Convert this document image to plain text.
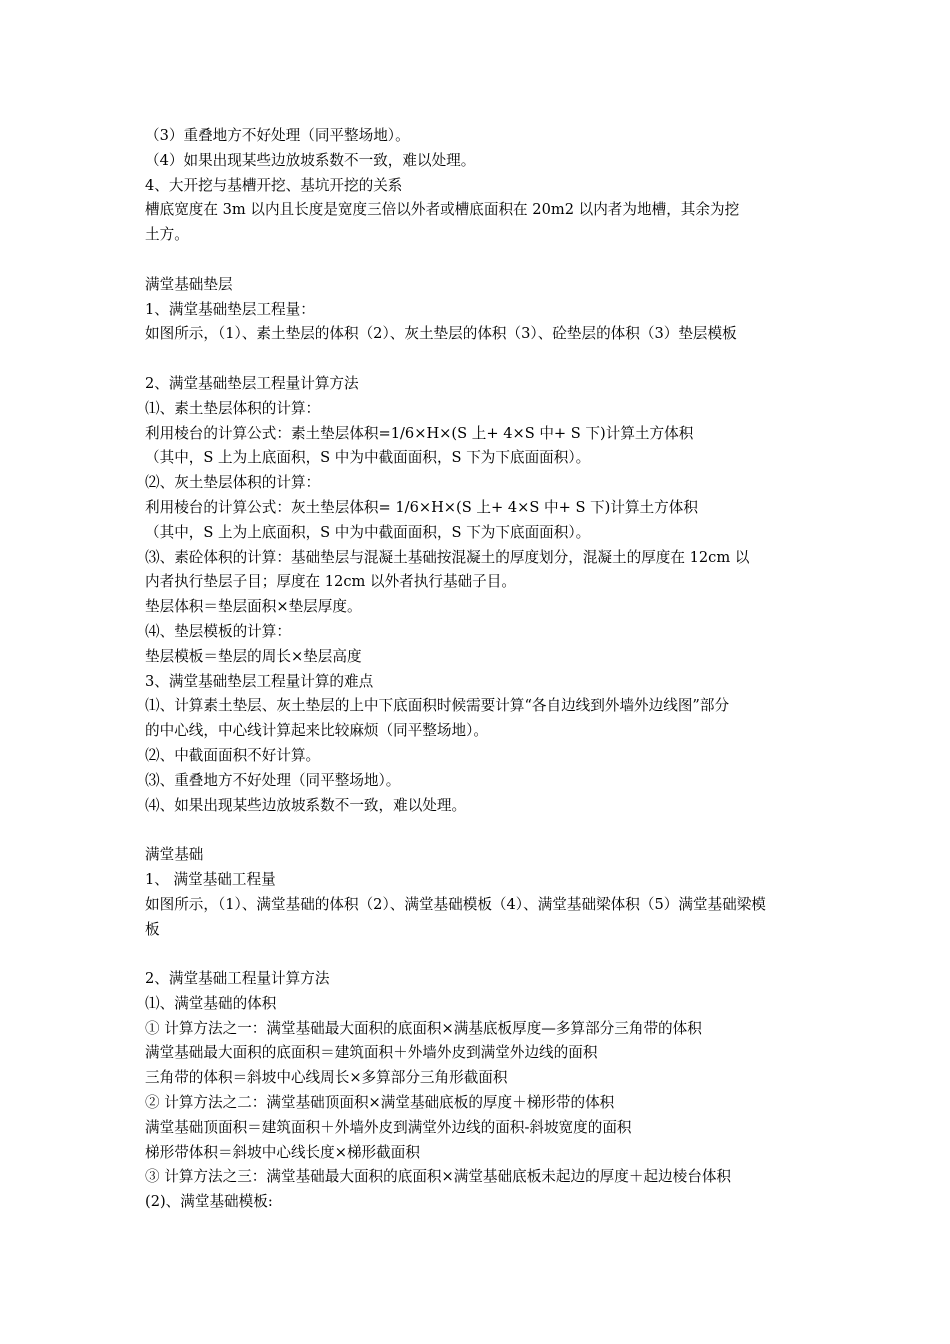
（3）重叠地方不好处理（同平整场地）。
（4）如果出现某些边放坡系数不一致，难以处理。
4、大开挖与基槽开挖、基坑开挖的关系
槽底宽度在 3m 以内且长度是宽度三倍以外者或槽底面积在 20m2 以内者为地槽，其余为挖
土方。
满堂基础垫层
1、满堂基础垫层工程量：
如图所示，（1）、素土垫层的体积（2）、灰土垫层的体积（3）、砼垫层的体积（3）垫层模板
2、满堂基础垫层工程量计算方法
⑴、素土垫层体积的计算：
利用棱台的计算公式：素土垫层体积=1/6×H×(S 上+ 4×S 中+ S 下)计算土方体积
（其中，S 上为上底面积，S 中为中截面面积，S 下为下底面面积）。
⑵、灰土垫层体积的计算：
利用棱台的计算公式：灰土垫层体积= 1/6×H×(S 上+ 4×S 中+ S 下)计算土方体积
（其中，S 上为上底面积，S 中为中截面面积，S 下为下底面面积）。
⑶、素砼体积的计算：基础垫层与混凝土基础按混凝土的厚度划分，混凝土的厚度在 12cm 以
内者执行垫层子目；厚度在 12cm 以外者执行基础子目。
垫层体积＝垫层面积×垫层厚度。
⑷、垫层模板的计算：
垫层模板＝垫层的周长×垫层高度
3、满堂基础垫层工程量计算的难点
⑴、计算素土垫层、灰土垫层的上中下底面积时候需要计算“各自边线到外墙外边线图”部分
的中心线，中心线计算起来比较麻烦（同平整场地）。
⑵、中截面面积不好计算。
⑶、重叠地方不好处理（同平整场地）。
⑷、如果出现某些边放坡系数不一致，难以处理。
满堂基础
1、 满堂基础工程量
如图所示，（1）、满堂基础的体积（2）、满堂基础模板（4）、满堂基础梁体积（5）满堂基础梁模
板
2、满堂基础工程量计算方法
⑴、满堂基础的体积
① 计算方法之一：满堂基础最大面积的底面积×满基底板厚度—多算部分三角带的体积
满堂基础最大面积的底面积＝建筑面积＋外墙外皮到满堂外边线的面积
三角带的体积＝斜坡中心线周长×多算部分三角形截面积
② 计算方法之二：满堂基础顶面积×满堂基础底板的厚度＋梯形带的体积
满堂基础顶面积＝建筑面积＋外墙外皮到满堂外边线的面积-斜坡宽度的面积
梯形带体积＝斜坡中心线长度×梯形截面积
③ 计算方法之三：满堂基础最大面积的底面积×满堂基础底板未起边的厚度＋起边棱台体积
(2)、满堂基础模板:
